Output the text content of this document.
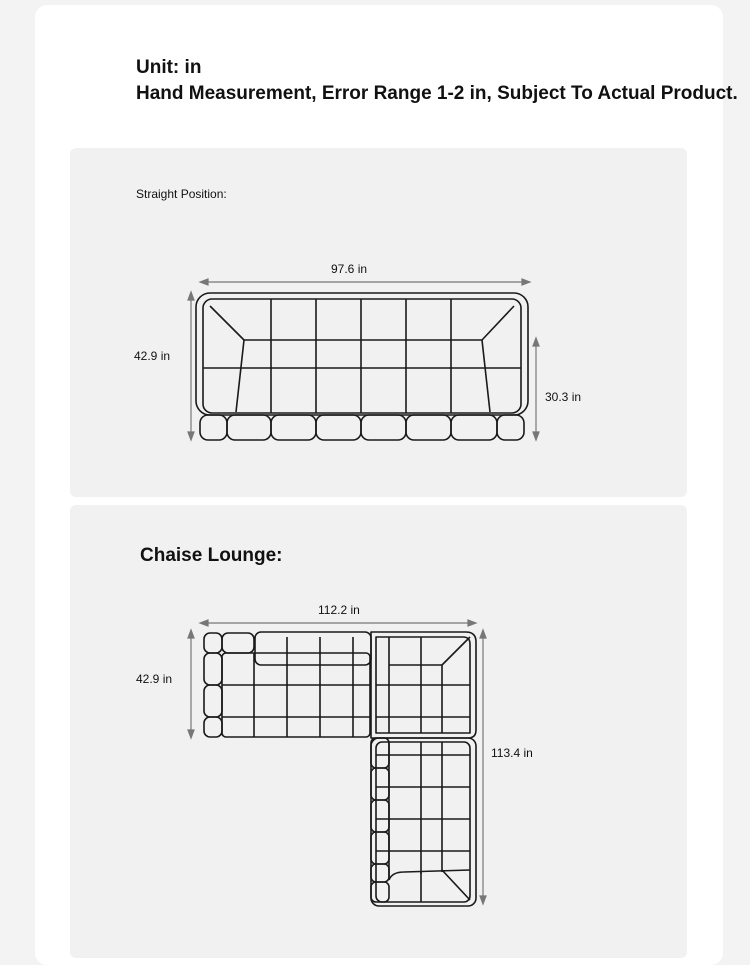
Unit: in
Hand Measurement, Error Range 1-2 in, Subject To Actual Product.
Straight Position:
Chaise Lounge:
97.6 in
42.9 in
30.3 in
112.2 in
42.9 in
113.4 in
